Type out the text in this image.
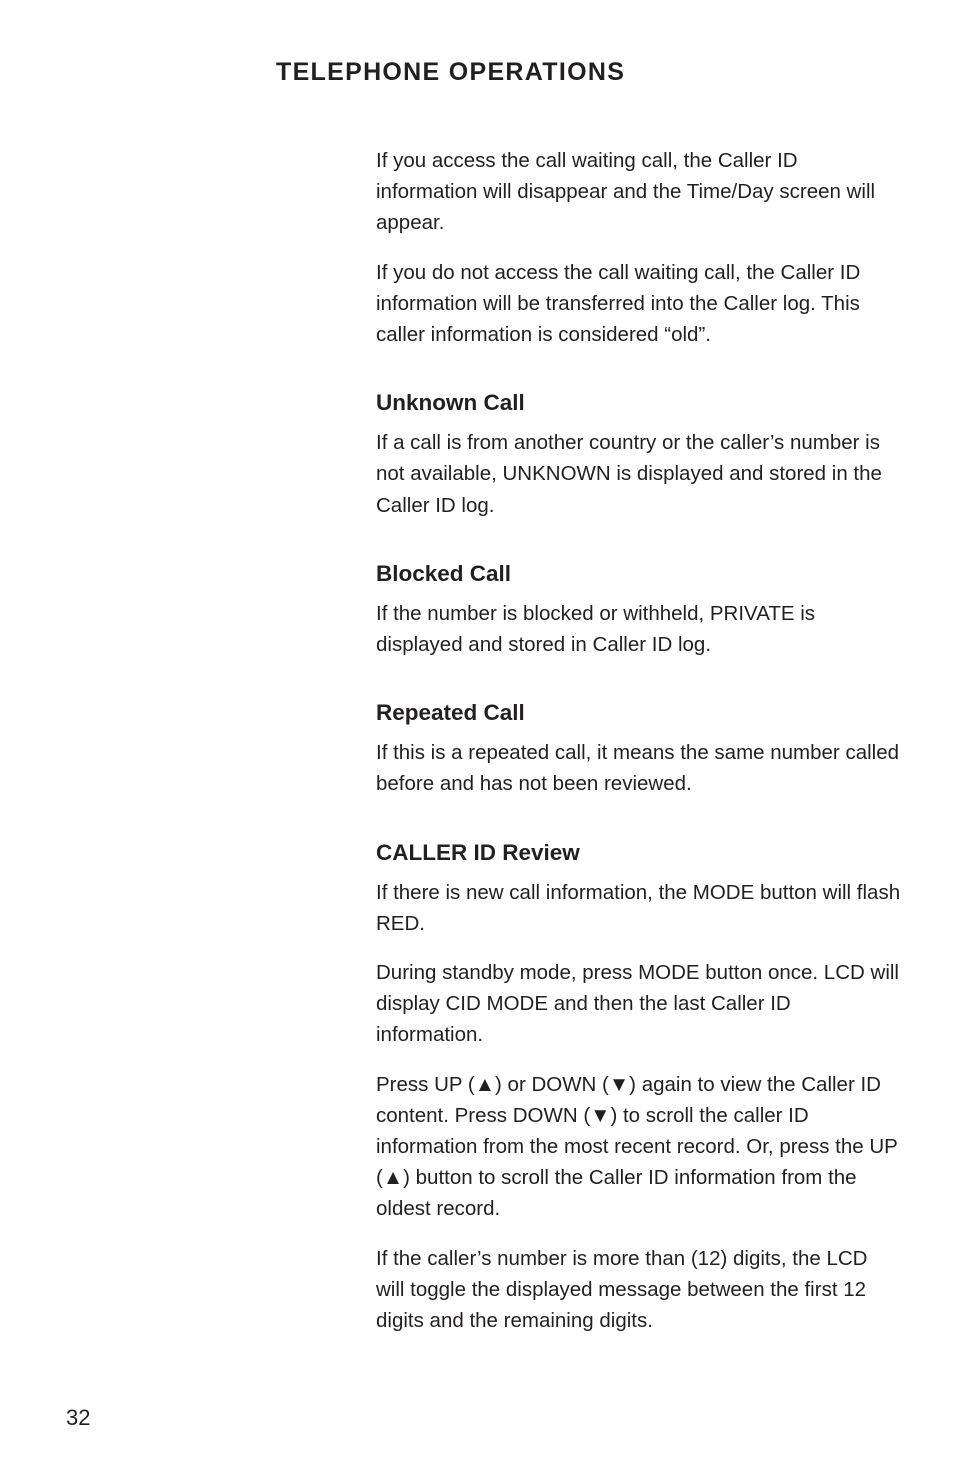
TELEPHONE OPERATIONS

If you access the call waiting call, the Caller ID information will disappear and the Time/Day screen will appear.

If you do not access the call waiting call, the Caller ID information will be transferred into the Caller log. This caller information is considered “old”.

Unknown Call

If a call is from another country or the caller’s number is not available, UNKNOWN is displayed and stored in the Caller ID log.

Blocked Call

If the number is blocked or withheld, PRIVATE is displayed and stored in Caller ID log.

Repeated Call

If this is a repeated call, it means the same number called before and has not been reviewed.

CALLER ID Review

If there is new call information, the MODE button will flash RED.

During standby mode, press MODE button once. LCD will display CID MODE and then the last Caller ID information.

Press UP (▲) or DOWN (▼) again to view the Caller ID content. Press DOWN (▼) to scroll the caller ID information from the most recent record. Or, press the UP (▲) button to scroll the Caller ID information from the oldest record.

If the caller’s number is more than (12) digits, the LCD will toggle the displayed message between the first 12 digits and the remaining digits.

32
